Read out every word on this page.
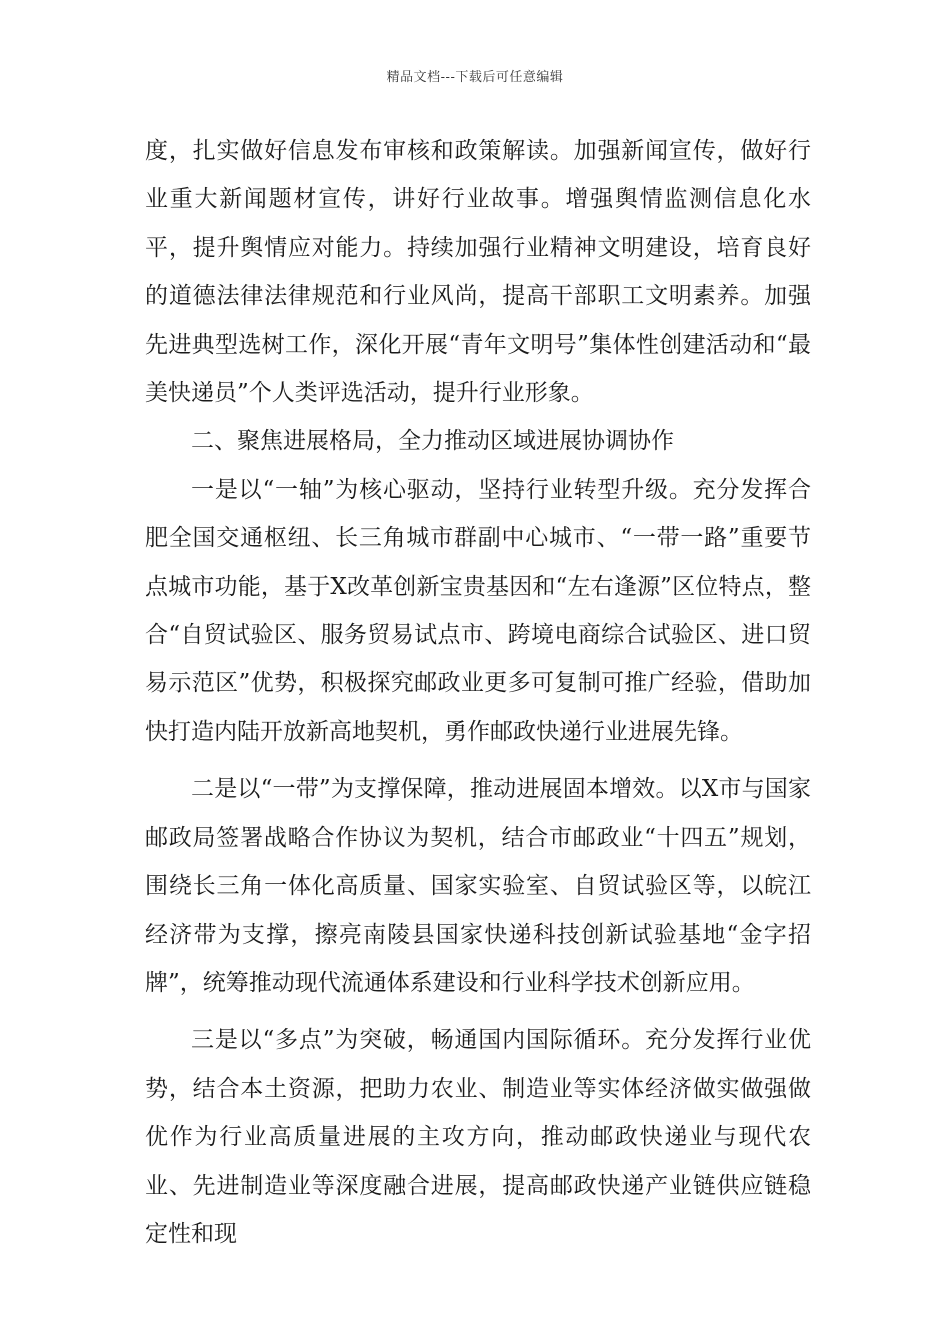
精品文档---下载后可任意编辑

度，扎实做好信息发布审核和政策解读。加强新闻宣传，做好行业重大新闻题材宣传，讲好行业故事。增强舆情监测信息化水平，提升舆情应对能力。持续加强行业精神文明建设，培育良好的道德法律法律规范和行业风尚，提高干部职工文明素养。加强先进典型选树工作，深化开展“青年文明号”集体性创建活动和“最美快递员”个人类评选活动，提升行业形象。

二、聚焦进展格局，全力推动区域进展协调协作

一是以“一轴”为核心驱动，坚持行业转型升级。充分发挥合肥全国交通枢纽、长三角城市群副中心城市、“一带一路”重要节点城市功能，基于X改革创新宝贵基因和“左右逢源”区位特点，整合“自贸试验区、服务贸易试点市、跨境电商综合试验区、进口贸易示范区”优势，积极探究邮政业更多可复制可推广经验，借助加快打造内陆开放新高地契机，勇作邮政快递行业进展先锋。

二是以“一带”为支撑保障，推动进展固本增效。以X市与国家邮政局签署战略合作协议为契机，结合市邮政业“十四五”规划，围绕长三角一体化高质量、国家实验室、自贸试验区等，以皖江经济带为支撑，擦亮南陵县国家快递科技创新试验基地“金字招牌”，统筹推动现代流通体系建设和行业科学技术创新应用。

三是以“多点”为突破，畅通国内国际循环。充分发挥行业优势，结合本土资源，把助力农业、制造业等实体经济做实做强做优作为行业高质量进展的主攻方向，推动邮政快递业与现代农业、先进制造业等深度融合进展，提高邮政快递产业链供应链稳定性和现
